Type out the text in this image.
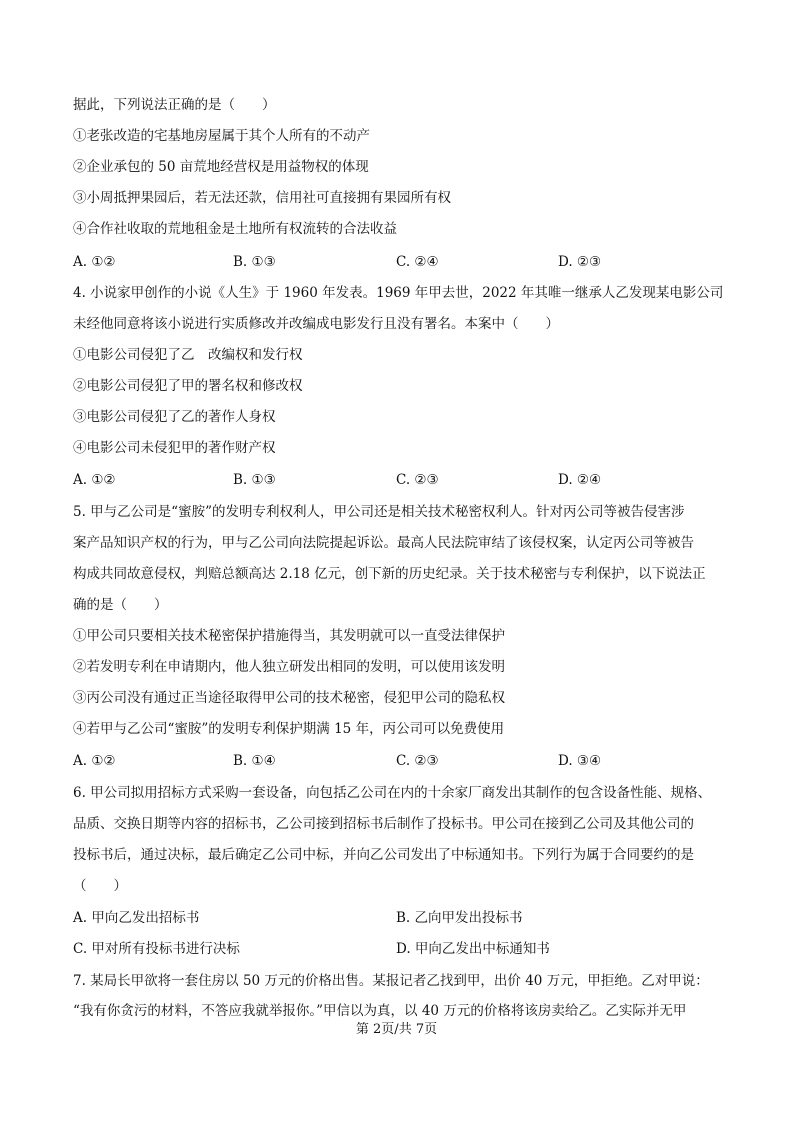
据此，下列说法正确的是（　　）
①老张改造的宅基地房屋属于其个人所有的不动产
②企业承包的 50 亩荒地经营权是用益物权的体现
③小周抵押果园后，若无法还款，信用社可直接拥有果园所有权
④合作社收取的荒地租金是土地所有权流转的合法收益
A. ①②	B. ①③	C. ②④	D. ②③
4. 小说家甲创作的小说《人生》于 1960 年发表。1969 年甲去世，2022 年其唯一继承人乙发现某电影公司
未经他同意将该小说进行实质修改并改编成电影发行且没有署名。本案中（　　）
①电影公司侵犯了乙　改编权和发行权
②电影公司侵犯了甲的署名权和修改权
③电影公司侵犯了乙的著作人身权
④电影公司未侵犯甲的著作财产权
A. ①②	B. ①③	C. ②③	D. ②④
5. 甲与乙公司是“蜜胺”的发明专利权利人，甲公司还是相关技术秘密权利人。针对丙公司等被告侵害涉
案产品知识产权的行为，甲与乙公司向法院提起诉讼。最高人民法院审结了该侵权案，认定丙公司等被告
构成共同故意侵权，判赔总额高达 2.18 亿元，创下新的历史纪录。关于技术秘密与专利保护，以下说法正
确的是（　　）
①甲公司只要相关技术秘密保护措施得当，其发明就可以一直受法律保护
②若发明专利在申请期内，他人独立研发出相同的发明，可以使用该发明
③丙公司没有通过正当途径取得甲公司的技术秘密，侵犯甲公司的隐私权
④若甲与乙公司“蜜胺”的发明专利保护期满 15 年，丙公司可以免费使用
A. ①②	B. ①④	C. ②③	D. ③④
6. 甲公司拟用招标方式采购一套设备，向包括乙公司在内的十余家厂商发出其制作的包含设备性能、规格、
品质、交换日期等内容的招标书，乙公司接到招标书后制作了投标书。甲公司在接到乙公司及其他公司的
投标书后，通过决标，最后确定乙公司中标，并向乙公司发出了中标通知书。下列行为属于合同要约的是
（　　）
A. 甲向乙发出招标书	B. 乙向甲发出投标书
C. 甲对所有投标书进行决标	D. 甲向乙发出中标通知书
7. 某局长甲欲将一套住房以 50 万元的价格出售。某报记者乙找到甲，出价 40 万元，甲拒绝。乙对甲说：
“我有你贪污的材料，不答应我就举报你。”甲信以为真，以 40 万元的价格将该房卖给乙。乙实际并无甲
第 2页/共 7页
